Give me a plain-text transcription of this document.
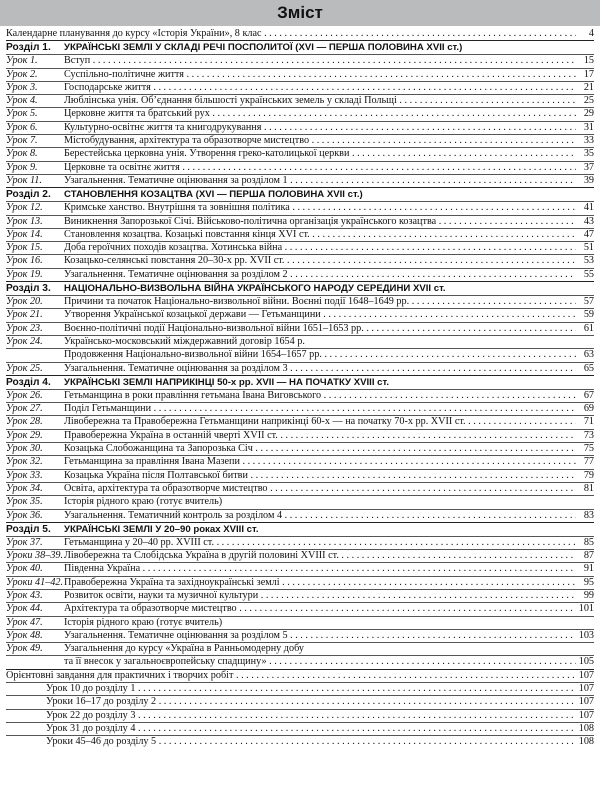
Зміст
Календарне планування до курсу «Історія України», 8 клас . . .	4
Розділ 1.	УКРАЇНСЬКІ ЗЕМЛІ У СКЛАДІ РЕЧІ ПОСПОЛИТОЇ (XVI — ПЕРША ПОЛОВИНА XVII ст.)
Урок 1.	Вступ . . .	15
Урок 2.	Суспільно-політичне життя . . .	17
Урок 3.	Господарське життя . . .	21
Урок 4.	Люблінська унія. Об’єднання більшості українських земель у складі Польщі . . .	25
Урок 5.	Церковне життя та братський рух . . .	29
Урок 6.	Культурно-освітнє життя та книгодрукування . . .	31
Урок 7.	Містобудування, архітектура та образотворче мистецтво . . .	33
Урок 8.	Берестейська церковна унія. Утворення греко-католицької церкви . . .	35
Урок 9.	Церковне та освітнє життя . . .	37
Урок 11.	Узагальнення. Тематичне оцінювання за розділом 1 . . .	39
Розділ 2.	СТАНОВЛЕННЯ КОЗАЦТВА (XVI — ПЕРША ПОЛОВИНА XVII ст.)
Урок 12.	Кримське ханство. Внутрішня та зовнішня політика . . .	41
Урок 13.	Виникнення Запорозької Січі. Військово-політична організація українського козацтва . . .	43
Урок 14.	Становлення козацтва. Козацькі повстання кінця XVI ст. . . .	47
Урок 15.	Доба героїчних походів козацтва. Хотинська війна . . .	51
Урок 16.	Козацько-селянські повстання 20–30-х рр. XVII ст. . . .	53
Урок 19.	Узагальнення. Тематичне оцінювання за розділом 2 . . .	55
Розділ 3.	НАЦІОНАЛЬНО-ВИЗВОЛЬНА ВІЙНА УКРАЇНСЬКОГО НАРОДУ СЕРЕДИНИ XVII ст.
Урок 20.	Причини та початок Національно-визвольної війни. Воєнні події 1648–1649 рр. . . .	57
Урок 21.	Утворення Української козацької держави — Гетьманщини . . .	59
Урок 23.	Воєнно-політичні події Національно-визвольної війни 1651–1653 рр. . . .	61
Урок 24.	Українсько-московський міждержавний договір 1654 р.
Продовження Національно-визвольної війни 1654–1657 рр. . . .	63
Урок 25.	Узагальнення. Тематичне оцінювання за розділом 3 . . .	65
Розділ 4.	УКРАЇНСЬКІ ЗЕМЛІ НАПРИКІНЦІ 50-х рр. XVII — НА ПОЧАТКУ XVIII ст.
Урок 26.	Гетьманщина в роки правління гетьмана Івана Виговського . . .	67
Урок 27.	Поділ Гетьманщини . . .	69
Урок 28.	Лівобережна та Правобережна Гетьманщини наприкінці 60-х — на початку 70-х рр. XVII ст. . . .	71
Урок 29.	Правобережна Україна в останній чверті XVII ст. . . .	73
Урок 30.	Козацька Слобожанщина та Запорозька Січ . . .	75
Урок 32.	Гетьманщина за правління Івана Мазепи . . .	77
Урок 33.	Козацька Україна після Полтавської битви . . .	79
Урок 34.	Освіта, архітектура та образотворче мистецтво . . .	81
Урок 35.	Історія рідного краю (готує вчитель)
Урок 36.	Узагальнення. Тематичний контроль за розділом 4 . . .	83
Розділ 5.	УКРАЇНСЬКІ ЗЕМЛІ У 20–90 роках XVIII ст.
Урок 37.	Гетьманщина у 20–40 рр. XVIII ст. . . .	85
Уроки 38–39. Лівобережна та Слобідська Україна в другій половині XVIII ст. . . .	87
Урок 40.	Південна Україна . . .	91
Уроки 41–42. Правобережна Україна та західноукраїнські землі . . .	95
Урок 43.	Розвиток освіти, науки та музичної культури . . .	99
Урок 44.	Архітектура та образотворче мистецтво . . .	101
Урок 47.	Історія рідного краю (готує вчитель)
Урок 48.	Узагальнення. Тематичне оцінювання за розділом 5 . . .	103
Урок 49.	Узагальнення до курсу «Україна в Ранньомодерну добу
та її внесок у загальноєвропейську спадщину» . . .	105
Орієнтовні завдання для практичних і творчих робіт . . .	107
Урок 10 до розділу 1 . . .	107
Уроки 16–17 до розділу 2 . . .	107
Урок 22 до розділу 3 . . .	107
Урок 31 до розділу 4 . . .	108
Уроки 45–46 до розділу 5 . . .	108
